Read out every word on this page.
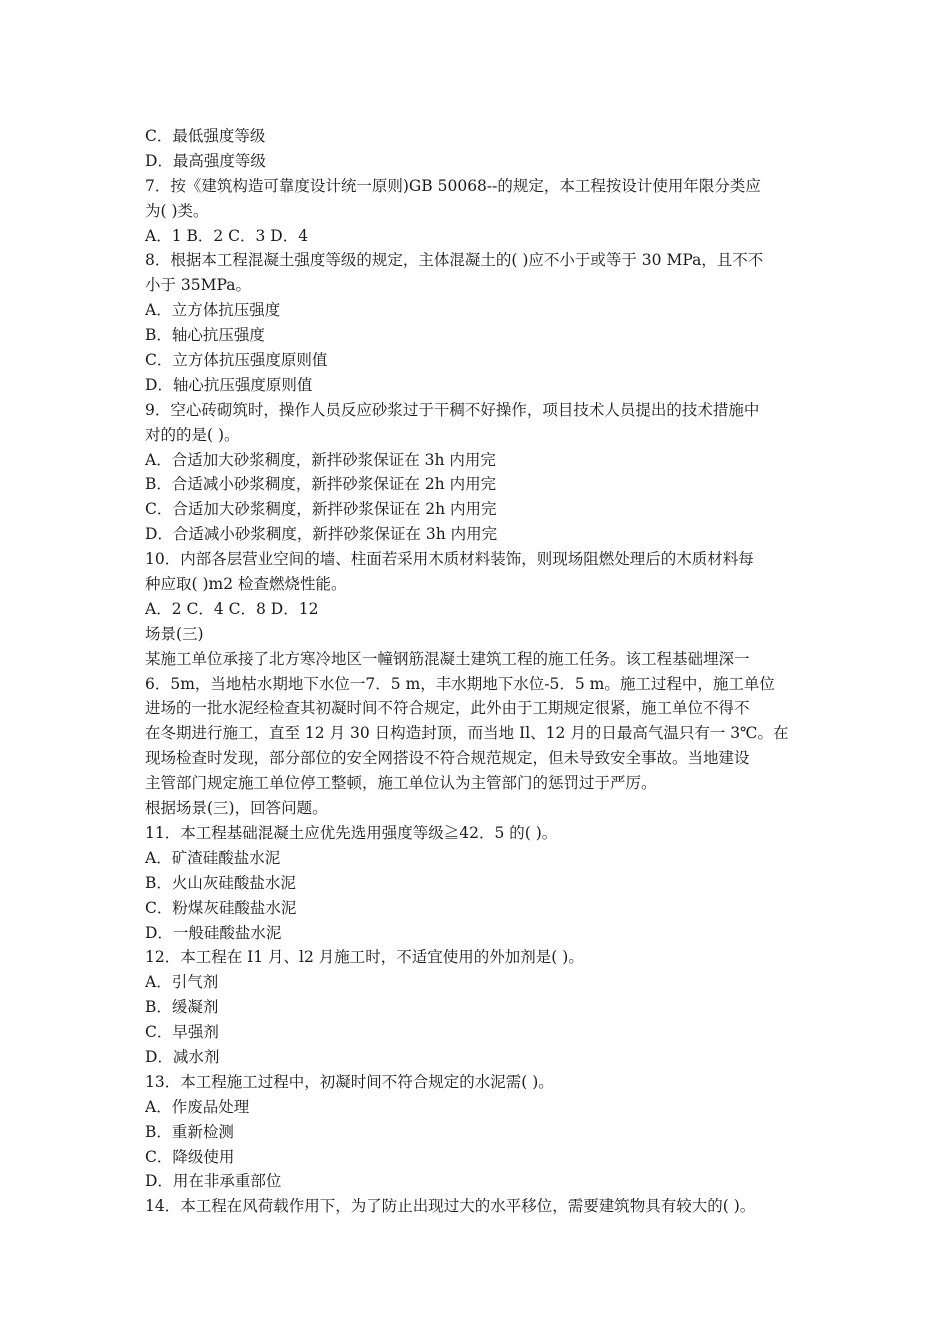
C．最低强度等级

D．最高强度等级

7．按《建筑构造可靠度设计统一原则)GB 50068--的规定，本工程按设计使用年限分类应

为( )类。

A．1 B．2 C．3 D．4

8．根据本工程混凝土强度等级的规定，主体混凝土的( )应不小于或等于 30 MPa，且不不

小于 35MPa。

A．立方体抗压强度

B．轴心抗压强度

C．立方体抗压强度原则值

D．轴心抗压强度原则值

9．空心砖砌筑时，操作人员反应砂浆过于干稠不好操作，项目技术人员提出的技术措施中

对的的是( )。

A．合适加大砂浆稠度，新拌砂浆保证在 3h 内用完

B．合适减小砂浆稠度，新拌砂浆保证在 2h 内用完

C．合适加大砂浆稠度，新拌砂浆保证在 2h 内用完

D．合适减小砂浆稠度，新拌砂浆保证在 3h 内用完

10．内部各层营业空间的墙、柱面若采用木质材料装饰，则现场阻燃处理后的木质材料每

种应取( )m2 检查燃烧性能。

A．2 C．4 C．8 D．12

场景(三)

某施工单位承接了北方寒冷地区一幢钢筋混凝土建筑工程的施工任务。该工程基础埋深一

6．5m，当地枯水期地下水位一7．5 m，丰水期地下水位-5．5 m。施工过程中，施工单位

进场的一批水泥经检查其初凝时间不符合规定，此外由于工期规定很紧，施工单位不得不

在冬期进行施工，直至 12 月 30 日构造封顶，而当地 Il、12 月的日最高气温只有一 3℃。在

现场检查时发现，部分部位的安全网搭设不符合规范规定，但未导致安全事故。当地建设

主管部门规定施工单位停工整顿，施工单位认为主管部门的惩罚过于严厉。

根据场景(三)，回答问题。

11．本工程基础混凝土应优先选用强度等级≧42．5 的( )。

A．矿渣硅酸盐水泥

B．火山灰硅酸盐水泥

C．粉煤灰硅酸盐水泥

D．一般硅酸盐水泥

12．本工程在 I1 月、l2 月施工时，不适宜使用的外加剂是( )。

A．引气剂

B．缓凝剂

C．早强剂

D．减水剂

13．本工程施工过程中，初凝时间不符合规定的水泥需( )。

A．作废品处理

B．重新检测

C．降级使用

D．用在非承重部位

14．本工程在风荷载作用下，为了防止出现过大的水平移位，需要建筑物具有较大的( )。
